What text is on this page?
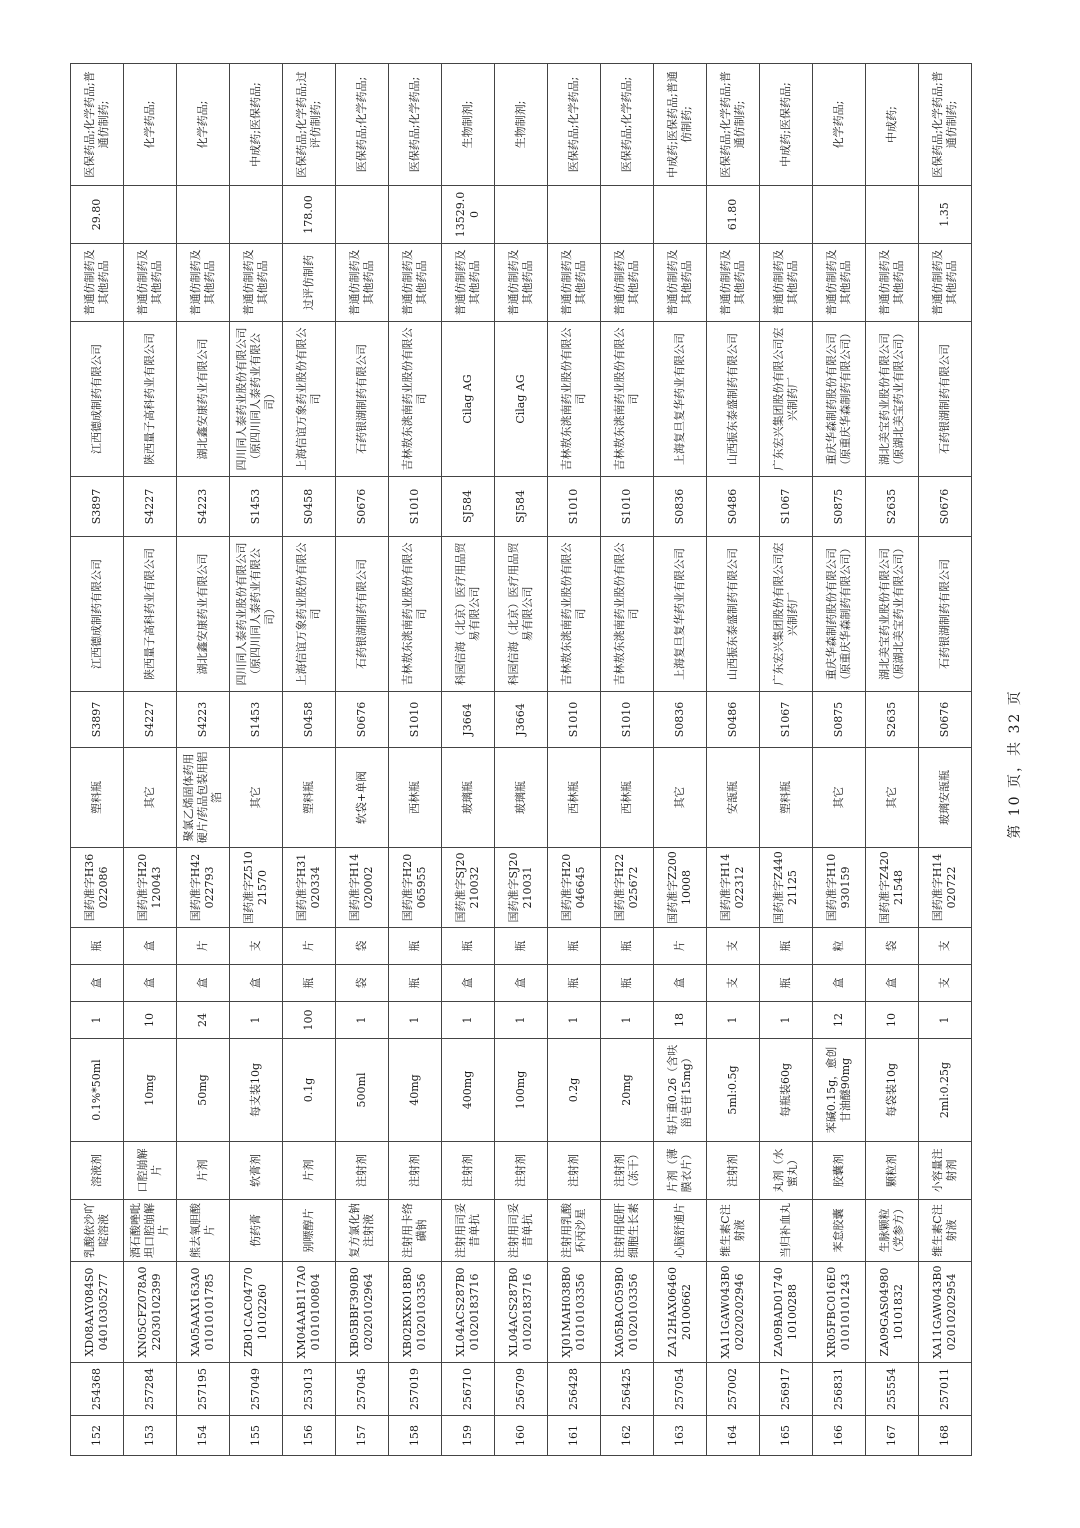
152	254368	XD08AAY084S004010305277	乳酸依沙吖啶溶液	溶液剂	0.1%*50ml	1	盒	瓶	国药准字H36022086	塑料瓶	S3897	江西德成制药有限公司	S3897	江西德成制药有限公司	普通仿制药及其他药品	29.80	医保药品;化学药品;普通仿制药;
153	257284	XN05CFZ078A022030102399	酒石酸唑吡坦口腔崩解片	口腔崩解片	10mg	10	盒	盒	国药准字H20120043	其它	S4227	陕西量子高科药业有限公司	S4227	陕西量子高科药业有限公司	普通仿制药及其他药品		化学药品;
154	257195	XA05AAX163A001010101785	熊去氧胆酸片	片剂	50mg	24	盒	片	国药准字H42022793	聚氯乙烯固体药用硬片/药品包装用铝箔	S4223	湖北鑫安康药业有限公司	S4223	湖北鑫安康药业有限公司	普通仿制药及其他药品		化学药品;
155	257049	ZB01CAC0477010102260	伤药膏	软膏剂	每支装10g	1	盒	支	国药准字Z51021570	其它	S1453	四川同人泰药业股份有限公司（原四川同人泰药业有限公司）	S1453	四川同人泰药业股份有限公司（原四川同人泰药业有限公司）	普通仿制药及其他药品		中成药;医保药品;
156	253013	XM04AAB117A001010100804	别嘌醇片	片剂	0.1g	100	瓶	片	国药准字H31020334	塑料瓶	S0458	上海信谊万象药业股份有限公司	S0458	上海信谊万象药业股份有限公司	过评仿制药	178.00	医保药品;化学药品;过评仿制药;
157	257045	XB05BBF390B002020102964	复方氯化钠注射液	注射剂	500ml	1	袋	袋	国药准字H14020002	软袋+单阀	S0676	石药银湖制药有限公司	S0676	石药银湖制药有限公司	普通仿制药及其他药品		医保药品;化学药品;
158	257019	XB02BXK018B001020103356	注射用卡络磺钠	注射剂	40mg	1	瓶	瓶	国药准字H20065955	西林瓶	S1010	吉林敖东洮南药业股份有限公司	S1010	吉林敖东洮南药业股份有限公司	普通仿制药及其他药品		医保药品;化学药品;
159	256710	XL04ACS287B001020183716	注射用司妥昔单抗	注射剂	400mg	1	盒	瓶	国药准字SJ20210032	玻璃瓶	J3664	科园信海（北京）医疗用品贸易有限公司	SJ584	Cilag AG	普通仿制药及其他药品	13529.00	生物制剂;
160	256709	XL04ACS287B001020183716	注射用司妥昔单抗	注射剂	100mg	1	盒	瓶	国药准字SJ20210031	玻璃瓶	J3664	科园信海（北京）医疗用品贸易有限公司	SJ584	Cilag AG	普通仿制药及其他药品		生物制剂;
161	256428	XJ01MAH038B001010103356	注射用乳酸环丙沙星	注射剂	0.2g	1	瓶	瓶	国药准字H20046645	西林瓶	S1010	吉林敖东洮南药业股份有限公司	S1010	吉林敖东洮南药业股份有限公司	普通仿制药及其他药品		医保药品;化学药品;
162	256425	XA05BAC059B001020103356	注射用促肝细胞生长素	注射剂（冻干）	20mg	1	瓶	瓶	国药准字H22025672	西林瓶	S1010	吉林敖东洮南药业股份有限公司	S1010	吉林敖东洮南药业股份有限公司	普通仿制药及其他药品		医保药品;化学药品;
163	257054	ZA12HAX0646020100662	心脑舒通片	片剂（薄膜衣片）	每片重0.26（含呋甾皂苷15mg）	18	盒	片	国药准字Z20010008	其它	S0836	上海复旦复华药业有限公司	S0836	上海复旦复华药业有限公司	普通仿制药及其他药品		中成药;医保药品;普通仿制药;
164	257002	XA11GAW043B002020202946	维生素C注射液	注射剂	5ml:0.5g	1	支	支	国药准字H14022312	安瓿瓶	S0486	山西振东泰盛制药有限公司	S0486	山西振东泰盛制药有限公司	普通仿制药及其他药品	61.80	医保药品;化学药品;普通仿制药;
165	256917	ZA09BAD0174010100288	当归补血丸	丸剂（水蜜丸）	每瓶装60g	1	瓶	瓶	国药准字Z44021125	塑料瓶	S1067	广东宏兴集团股份有限公司宏兴制药厂	S1067	广东宏兴集团股份有限公司宏兴制药厂	普通仿制药及其他药品		中成药;医保药品;
166	256831	XR05FBC016E001010101243	苯怠胶囊	胶囊剂	苯碱0.15g，愈创甘油醚90mg	12	盒	粒	国药准字H10930159	其它	S0875	重庆华森制药股份有限公司（原重庆华森制药有限公司）	S0875	重庆华森制药股份有限公司（原重庆华森制药有限公司）	普通仿制药及其他药品		化学药品;
167	255554	ZA09GAS0498010101832	生脉颗粒（党参方）	颗粒剂	每袋装10g	10	盒	袋	国药准字Z42021548	其它	S2635	湖北美宝药业股份有限公司（原湖北美宝药业有限公司）	S2635	湖北美宝药业股份有限公司（原湖北美宝药业有限公司）	普通仿制药及其他药品		中成药;
168	257011	XA11GAW043B002010202954	维生素C注射液	小容量注射剂	2ml:0.25g	1	支	支	国药准字H14020722	玻璃安瓿瓶	S0676	石药银湖制药有限公司	S0676	石药银湖制药有限公司	普通仿制药及其他药品	1.35	医保药品;化学药品;普通仿制药;
第 10 页，共 32 页
